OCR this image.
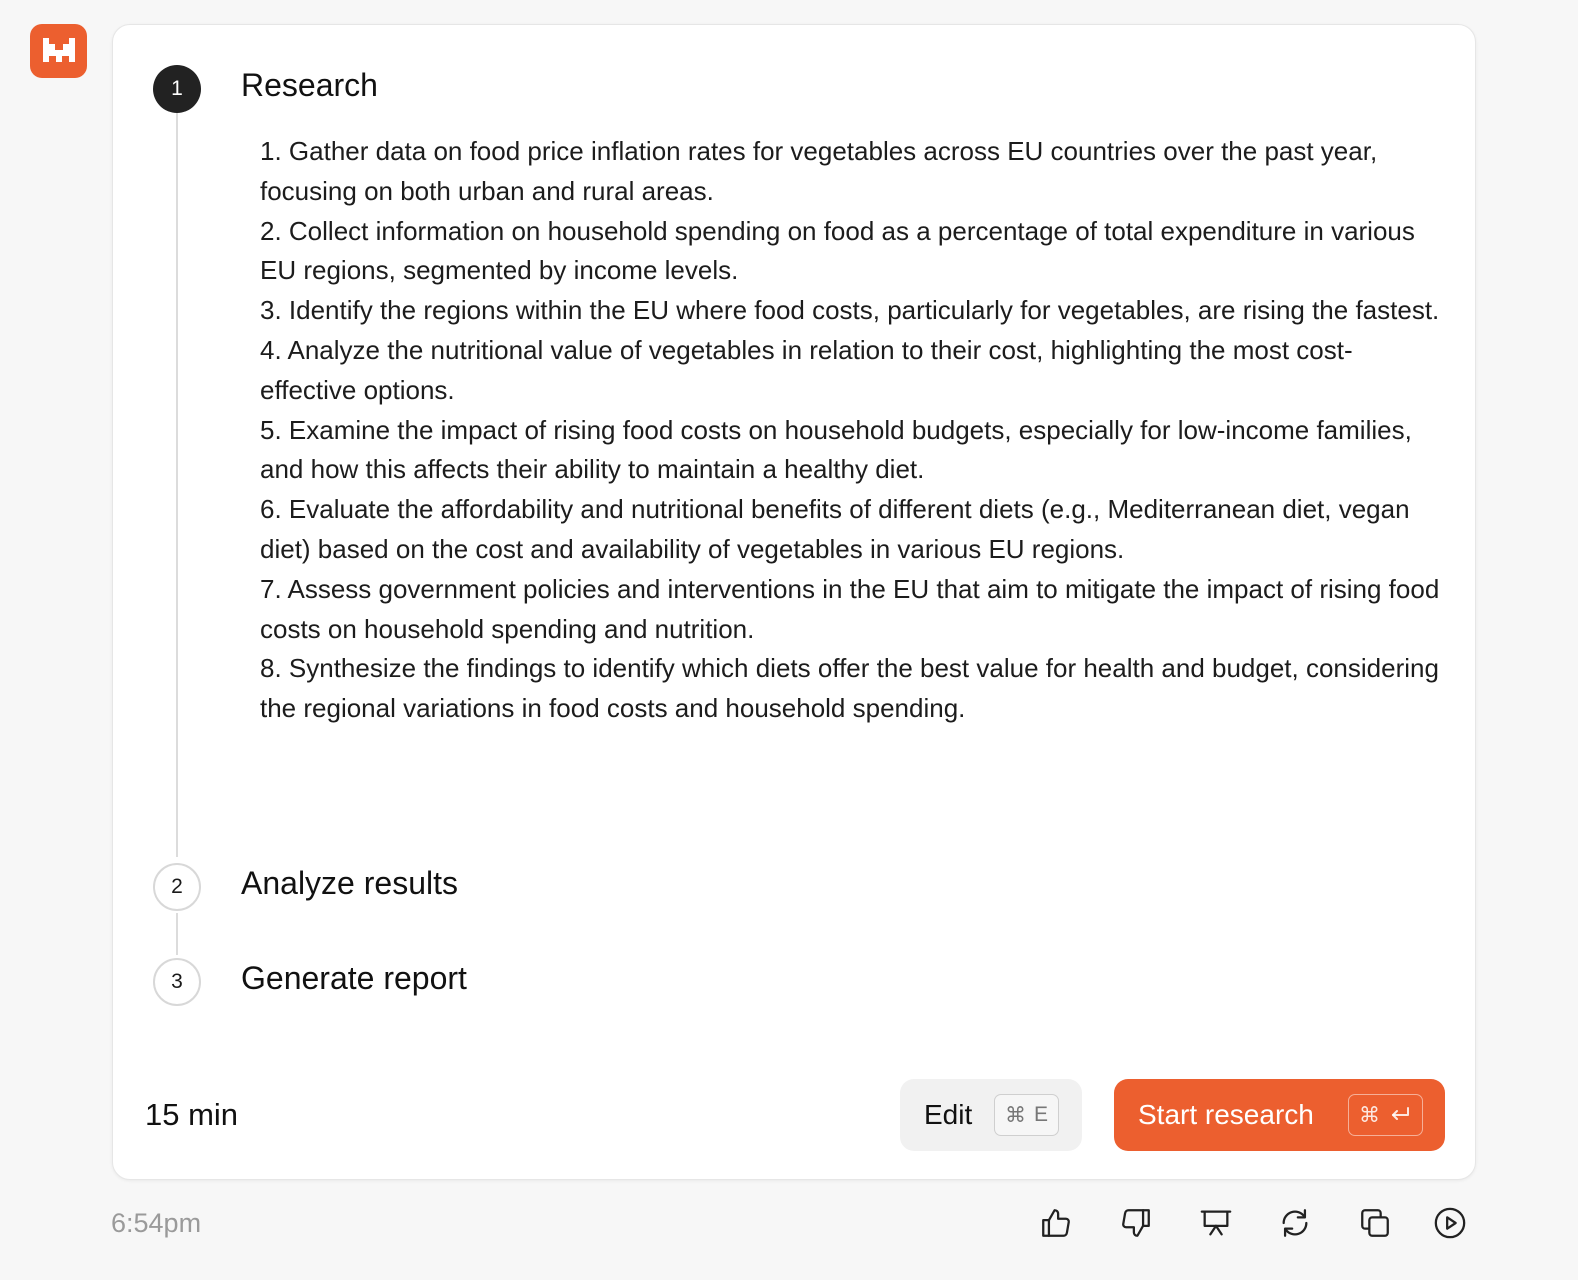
1	Research

1. Gather data on food price inflation rates for vegetables across EU countries over the past year, focusing on both urban and rural areas.

2. Collect information on household spending on food as a percentage of total expenditure in various EU regions, segmented by income levels.

3. Identify the regions within the EU where food costs, particularly for vegetables, are rising the fastest.

4. Analyze the nutritional value of vegetables in relation to their cost, highlighting the most cost-effective options.

5. Examine the impact of rising food costs on household budgets, especially for low-income families, and how this affects their ability to maintain a healthy diet.

6. Evaluate the affordability and nutritional benefits of different diets (e.g., Mediterranean diet, vegan diet) based on the cost and availability of vegetables in various EU regions.

7. Assess government policies and interventions in the EU that aim to mitigate the impact of rising food costs on household spending and nutrition.

8. Synthesize the findings to identify which diets offer the best value for health and budget, considering the regional variations in food costs and household spending.

2	Analyze results
3	Generate report
15 min	Edit ⌘ E	Start research ⌘
6:54pm
